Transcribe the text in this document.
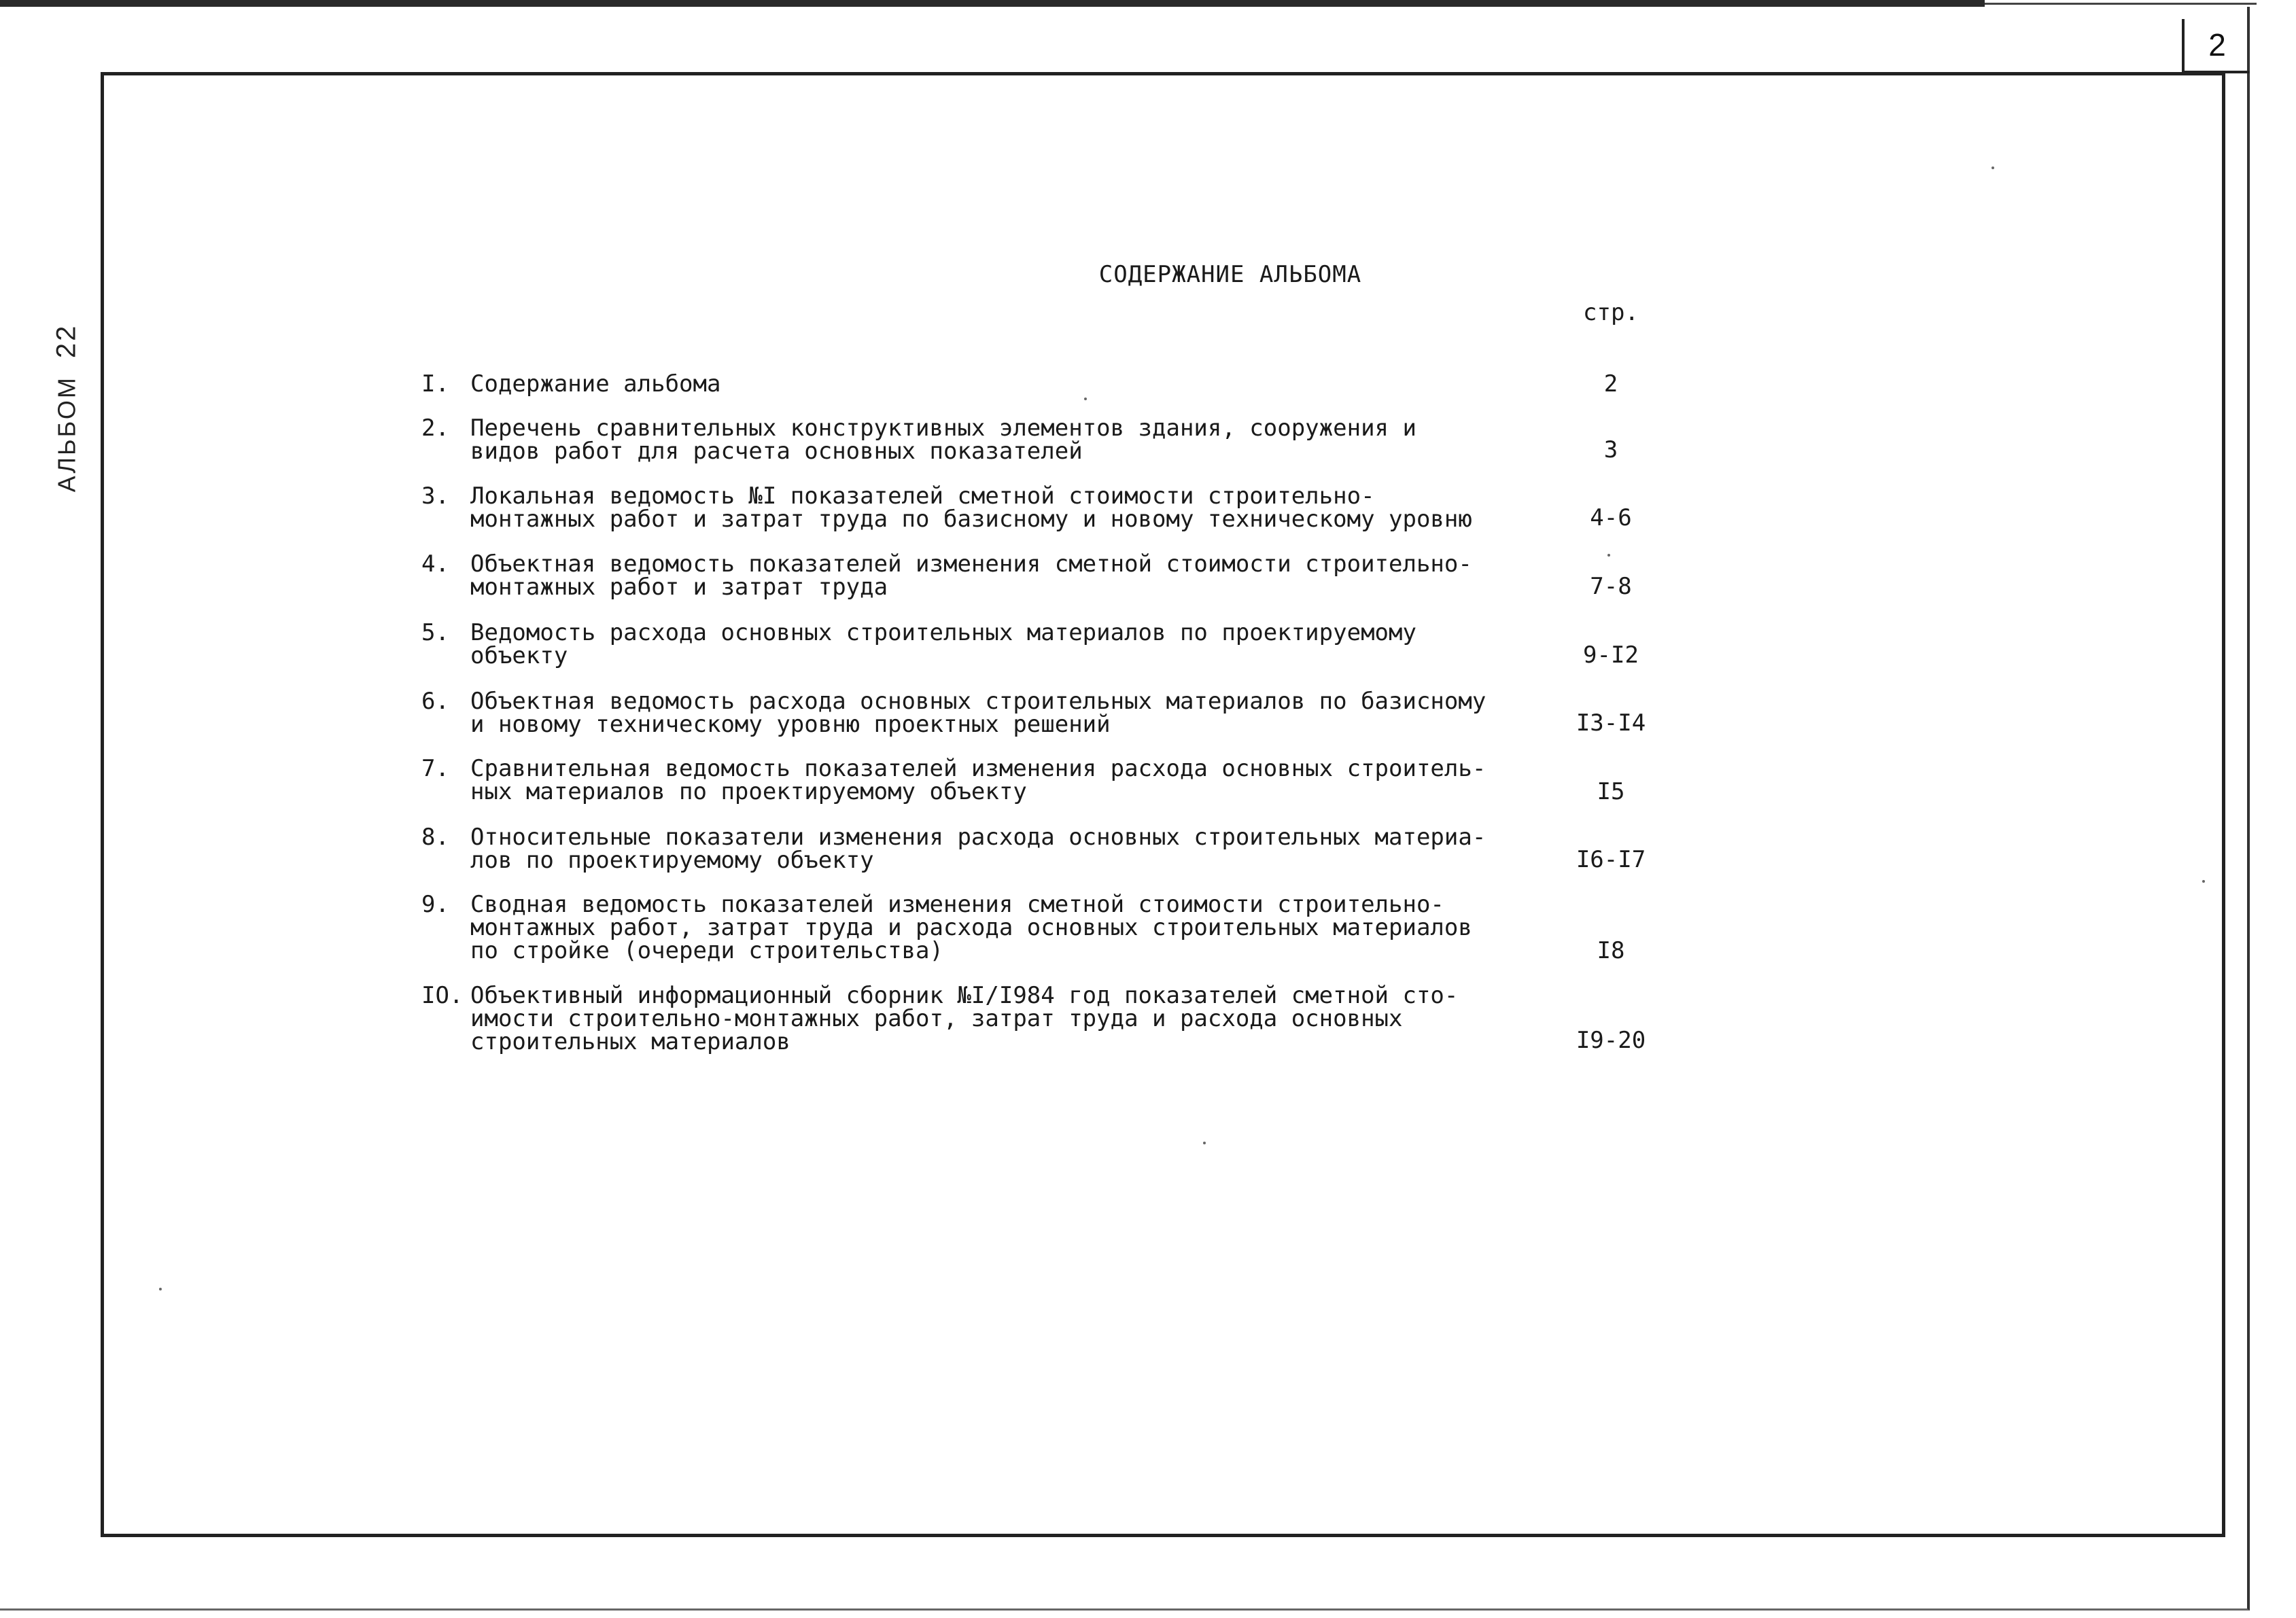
2
АЛЬБОМ22
СОДЕРЖАНИЕ АЛЬБОМА
стр.
I. Содержание альбома	2
2. Перечень сравнительных конструктивных элементов здания, сооружения и
видов работ для расчета основных показателей	3
3. Локальная ведомость №I показателей сметной стоимости строительно-
монтажных работ и затрат труда по базисному и новому техническому уровню	4-6
4. Объектная ведомость показателей изменения сметной стоимости строительно-
монтажных работ и затрат труда	7-8
5. Ведомость расхода основных строительных материалов по проектируемому
объекту	9-I2
6. Объектная ведомость расхода основных строительных материалов по базисному
и новому техническому уровню проектных решений	I3-I4
7. Сравнительная ведомость показателей изменения расхода основных строитель-
ных материалов по проектируемому объекту	I5
8. Относительные показатели изменения расхода основных строительных материа-
лов по проектируемому объекту	I6-I7
9. Сводная ведомость показателей изменения сметной стоимости строительно-
монтажных работ, затрат труда и расхода основных строительных материалов
по стройке (очереди строительства)	I8
IO. Объективный информационный сборник №I/I984 год показателей сметной сто-
имости строительно-монтажных работ, затрат труда и расхода основных
строительных материалов	I9-20
